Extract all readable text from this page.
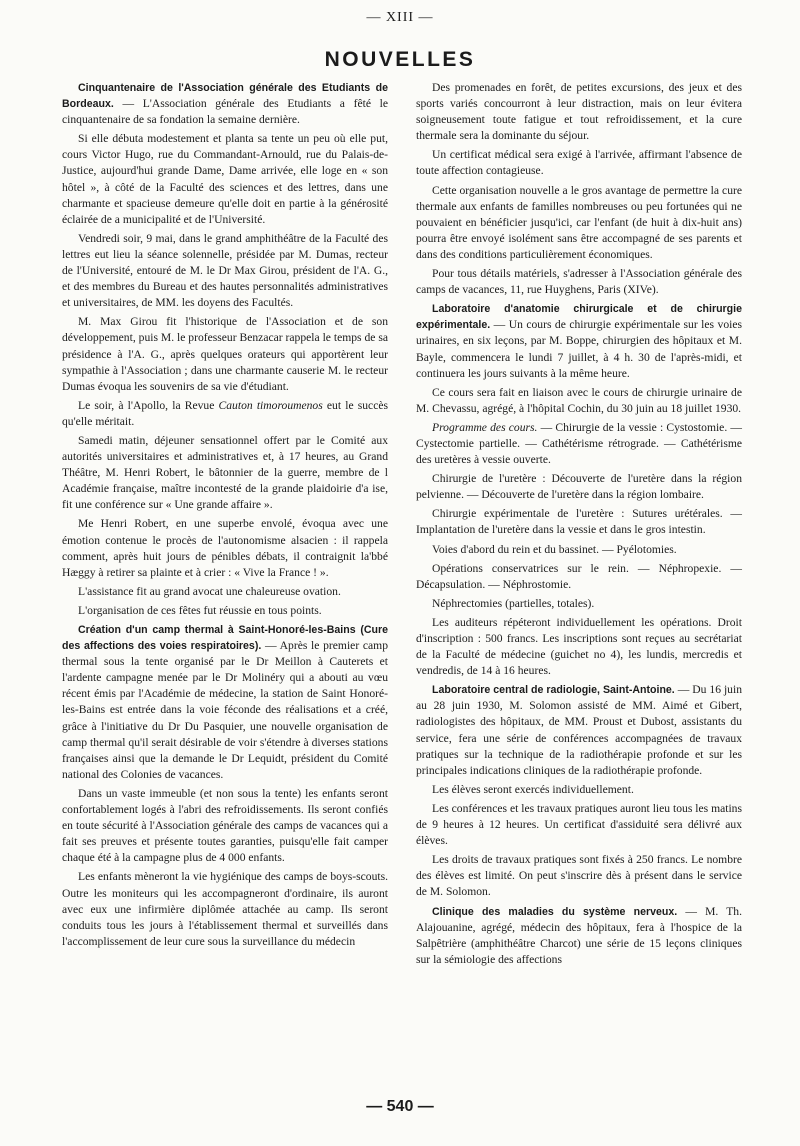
— XIII —
NOUVELLES

Cinquantenaire de l'Association générale des Etudiants de Bordeaux. — L'Association générale des Etudiants a fêté le cinquantenaire de sa fondation la semaine dernière.

Si elle débuta modestement et planta sa tente un peu où elle put, cours Victor Hugo, rue du Commandant-Arnould, rue du Palais-de-Justice, aujourd'hui grande Dame, Dame arrivée, elle loge en « son hôtel », à côté de la Faculté des sciences et des lettres, dans une charmante et spacieuse demeure qu'elle doit en partie à la générosité éclairée de a municipalité et de l'Université.

Vendredi soir, 9 mai, dans le grand amphithéâtre de la Faculté des lettres eut lieu la séance solennelle, présidée par M. Dumas, recteur de l'Université, entouré de M. le Dr Max Girou, président de l'A. G., et des membres du Bureau et des hautes personnalités administratives et universitaires, de MM. les doyens des Facultés.

M. Max Girou fit l'historique de l'Association et de son développement, puis M. le professeur Benzacar rappela le temps de sa présidence à l'A. G., après quelques orateurs qui apportèrent leur sympathie à l'Association ; dans une charmante causerie M. le recteur Dumas évoqua les souvenirs de sa vie d'étudiant.

Le soir, à l'Apollo, la Revue Cauton timoroumenos eut le succès qu'elle méritait.

Samedi matin, déjeuner sensationnel offert par le Comité aux autorités universitaires et administratives et, à 17 heures, au Grand Théâtre, M. Henri Robert, le bâtonnier de la guerre, membre de l Académie française, maître incontesté de la grande plaidoirie d'a ise, fit une conférence sur « Une grande affaire ».

Me Henri Robert, en une superbe envolé, évoqua avec une émotion contenue le procès de l'autonomisme alsacien : il rappela comment, après huit jours de pénibles débats, il contraignit la'bbé Hæggy à retirer sa plainte et à crier : « Vive la France ! ».

L'assistance fit au grand avocat une chaleureuse ovation.

L'organisation de ces fêtes fut réussie en tous points.

Création d'un camp thermal à Saint-Honoré-les-Bains (Cure des affections des voies respiratoires). — Après le premier camp thermal sous la tente organisé par le Dr Meillon à Cauterets et l'ardente campagne menée par le Dr Molinéry qui a abouti au vœu récent émis par l'Académie de médecine, la station de Saint Honoré-les-Bains est entrée dans la voie féconde des réalisations et a créé, grâce à l'initiative du Dr Du Pasquier, une nouvelle organisation de camp thermal qu'il serait désirable de voir s'étendre à diverses stations françaises ainsi que la demande le Dr Lequidt, président du Comité national des Colonies de vacances.

Dans un vaste immeuble (et non sous la tente) les enfants seront confortablement logés à l'abri des refroidissements. Ils seront confiés en toute sécurité à l'Association générale des camps de vacances qui a fait ses preuves et présente toutes garanties, puisqu'elle fait camper chaque été à la campagne plus de 4 000 enfants.

Les enfants mèneront la vie hygiénique des camps de boys-scouts. Outre les moniteurs qui les accompagneront d'ordinaire, ils auront avec eux une infirmière diplômée attachée au camp. Ils seront conduits tous les jours à l'établissement thermal et surveillés dans l'accomplissement de leur cure sous la surveillance du médecin

Des promenades en forêt, de petites excursions, des jeux et des sports variés concourront à leur distraction, mais on leur évitera soigneusement toute fatigue et tout refroidissement, et la cure thermale sera la dominante du séjour.

Un certificat médical sera exigé à l'arrivée, affirmant l'absence de toute affection contagieuse.

Cette organisation nouvelle a le gros avantage de permettre la cure thermale aux enfants de familles nombreuses ou peu fortunées qui ne pouvaient en bénéficier jusqu'ici, car l'enfant (de huit à dix-huit ans) pourra être envoyé isolément sans être accompagné de ses parents et dans des conditions particulièrement économiques.

Pour tous détails matériels, s'adresser à l'Association générale des camps de vacances, 11, rue Huyghens, Paris (XIVe).

Laboratoire d'anatomie chirurgicale et de chirurgie expérimentale. — Un cours de chirurgie expérimentale sur les voies urinaires, en six leçons, par M. Boppe, chirurgien des hôpitaux et M. Bayle, commencera le lundi 7 juillet, à 4 h. 30 de l'après-midi, et continuera les jours suivants à la même heure.

Ce cours sera fait en liaison avec le cours de chirurgie urinaire de M. Chevassu, agrégé, à l'hôpital Cochin, du 30 juin au 18 juillet 1930.

Programme des cours. — Chirurgie de la vessie : Cystostomie. — Cystectomie partielle. — Cathétérisme rétrograde. — Cathétérisme des uretères à vessie ouverte.

Chirurgie de l'uretère : Découverte de l'uretère dans la région pelvienne. — Découverte de l'uretère dans la région lombaire.

Chirurgie expérimentale de l'uretère : Sutures urétérales. — Implantation de l'uretère dans la vessie et dans le gros intestin.

Voies d'abord du rein et du bassinet. — Pyélotomies.

Opérations conservatrices sur le rein. — Néphropexie. — Décapsulation. — Néphrostomie.

Néphrectomies (partielles, totales).

Les auditeurs répéteront individuellement les opérations. Droit d'inscription : 500 francs. Les inscriptions sont reçues au secrétariat de la Faculté de médecine (guichet no 4), les lundis, mercredis et vendredis, de 14 à 16 heures.

Laboratoire central de radiologie, Saint-Antoine. — Du 16 juin au 28 juin 1930, M. Solomon assisté de MM. Aimé et Gibert, radiologistes des hôpitaux, de MM. Proust et Dubost, assistants du service, fera une série de conférences accompagnées de travaux pratiques sur la technique de la radiothérapie profonde et sur les principales indications cliniques de la radiothérapie profonde.

Les élèves seront exercés individuellement.

Les conférences et les travaux pratiques auront lieu tous les matins de 9 heures à 12 heures. Un certificat d'assiduité sera délivré aux élèves.

Les droits de travaux pratiques sont fixés à 250 francs. Le nombre des élèves est limité. On peut s'inscrire dès à présent dans le service de M. Solomon.

Clinique des maladies du système nerveux. — M. Th. Alajouanine, agrégé, médecin des hôpitaux, fera à l'hospice de la Salpêtrière (amphithéâtre Charcot) une série de 15 leçons cliniques sur la sémiologie des affections

— 540 —
